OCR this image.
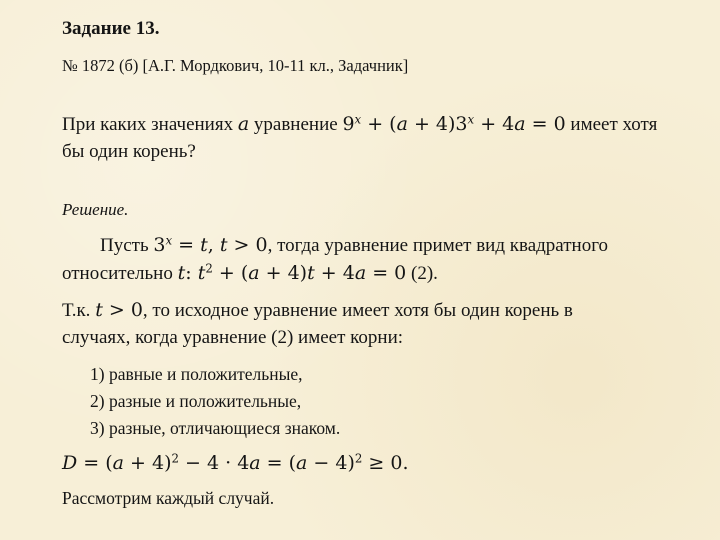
Задание 13.
№ 1872 (б) [А.Г. Мордкович, 10-11 кл., Задачник]
При каких значениях a уравнение $9^x + (a + 4)3^x + 4a = 0$ имеет хотя
бы один корень?
Решение.
Пусть $3^x = t$, t > 0, тогда уравнение примет вид квадратного
относительно t: $t^2 + (a + 4)t + 4a = 0$ (2).
Т.к. t > 0, то исходное уравнение имеет хотя бы один корень в
случаях, когда уравнение (2) имеет корни:
1) равные и положительные,
2) разные и положительные,
3) разные, отличающиеся знаком.
$D = (a + 4)^2 - 4 \cdot 4a = (a - 4)^2 \ge 0$.
Рассмотрим каждый случай.
